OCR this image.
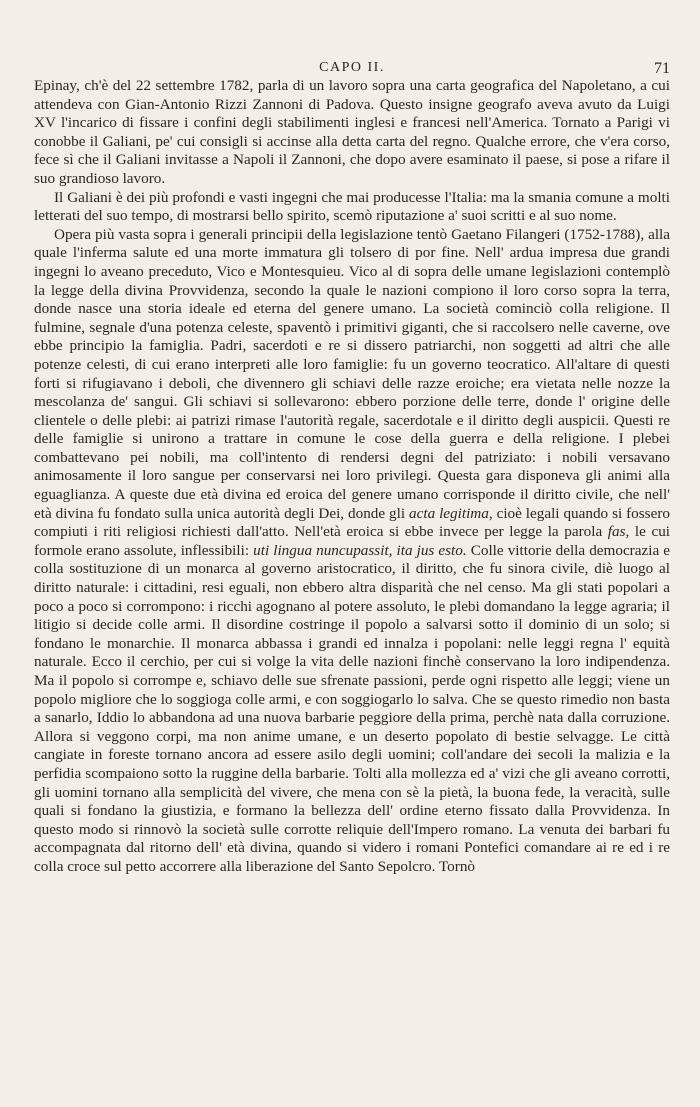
CAPO II.	71

Epinay, ch'è del 22 settembre 1782, parla di un lavoro sopra una carta geografica del Napoletano, a cui attendeva con Gian-Antonio Rizzi Zannoni di Padova. Questo insigne geografo aveva avuto da Luigi XV l'incarico di fissare i confini degli stabilimenti inglesi e francesi nell'America. Tornato a Parigi vi conobbe il Galiani, pe' cui consigli si accinse alla detta carta del regno. Qualche errore, che v'era corso, fece sì che il Galiani invitasse a Napoli il Zannoni, che dopo avere esaminato il paese, si pose a rifare il suo grandioso lavoro.

Il Galiani è dei più profondi e vasti ingegni che mai producesse l'Italia: ma la smania comune a molti letterati del suo tempo, di mostrarsi bello spirito, scemò riputazione a' suoi scritti e al suo nome.

Opera più vasta sopra i generali principii della legislazione tentò Gaetano Filangeri (1752-1788), alla quale l'inferma salute ed una morte immatura gli tolsero di por fine. Nell' ardua impresa due grandi ingegni lo aveano preceduto, Vico e Montesquieu. Vico al di sopra delle umane legislazioni contemplò la legge della divina Provvidenza, secondo la quale le nazioni compiono il loro corso sopra la terra, donde nasce una storia ideale ed eterna del genere umano. La società cominciò colla religione. Il fulmine, segnale d'una potenza celeste, spaventò i primitivi giganti, che si raccolsero nelle caverne, ove ebbe principio la famiglia. Padri, sacerdoti e re si dissero patriarchi, non soggetti ad altri che alle potenze celesti, di cui erano interpreti alle loro famiglie: fu un governo teocratico. All'altare di questi forti si rifugiavano i deboli, che divennero gli schiavi delle razze eroiche; era vietata nelle nozze la mescolanza de' sangui. Gli schiavi si sollevarono: ebbero porzione delle terre, donde l' origine delle clientele o delle plebi: ai patrizi rimase l'autorità regale, sacerdotale e il diritto degli auspicii. Questi re delle famiglie si unirono a trattare in comune le cose della guerra e della religione. I plebei combattevano pei nobili, ma coll'intento di rendersi degni del patriziato: i nobili versavano animosamente il loro sangue per conservarsi nei loro privilegi. Questa gara disponeva gli animi alla eguaglianza. A queste due età divina ed eroica del genere umano corrisponde il diritto civile, che nell' età divina fu fondato sulla unica autorità degli Dei, donde gli acta legitima, cioè legali quando si fossero compiuti i riti religiosi richiesti dall'atto. Nell'età eroica si ebbe invece per legge la parola fas, le cui formole erano assolute, inflessibili: uti lingua nuncupassit, ita jus esto. Colle vittorie della democrazia e colla sostituzione di un monarca al governo aristocratico, il diritto, che fu sinora civile, diè luogo al diritto naturale: i cittadini, resi eguali, non ebbero altra disparità che nel censo. Ma gli stati popolari a poco a poco si corrompono: i ricchi agognano al potere assoluto, le plebi domandano la legge agraria; il litigio si decide colle armi. Il disordine costringe il popolo a salvarsi sotto il dominio di un solo; si fondano le monarchie. Il monarca abbassa i grandi ed innalza i popolani: nelle leggi regna l' equità naturale. Ecco il cerchio, per cui si volge la vita delle nazioni finchè conservano la loro indipendenza. Ma il popolo si corrompe e, schiavo delle sue sfrenate passioni, perde ogni rispetto alle leggi; viene un popolo migliore che lo soggioga colle armi, e con soggiogarlo lo salva. Che se questo rimedio non basta a sanarlo, Iddio lo abbandona ad una nuova barbarie peggiore della prima, perchè nata dalla corruzione. Allora si veggono corpi, ma non anime umane, e un deserto popolato di bestie selvagge. Le città cangiate in foreste tornano ancora ad essere asilo degli uomini; coll'andare dei secoli la malizia e la perfidia scompaiono sotto la ruggine della barbarie. Tolti alla mollezza ed a' vizi che gli aveano corrotti, gli uomini tornano alla semplicità del vivere, che mena con sè la pietà, la buona fede, la veracità, sulle quali si fondano la giustizia, e formano la bellezza dell' ordine eterno fissato dalla Provvidenza. In questo modo si rinnovò la società sulle corrotte reliquie dell'Impero romano. La venuta dei barbari fu accompagnata dal ritorno dell' età divina, quando si videro i romani Pontefici comandare ai re ed i re colla croce sul petto accorrere alla liberazione del Santo Sepolcro. Tornò
